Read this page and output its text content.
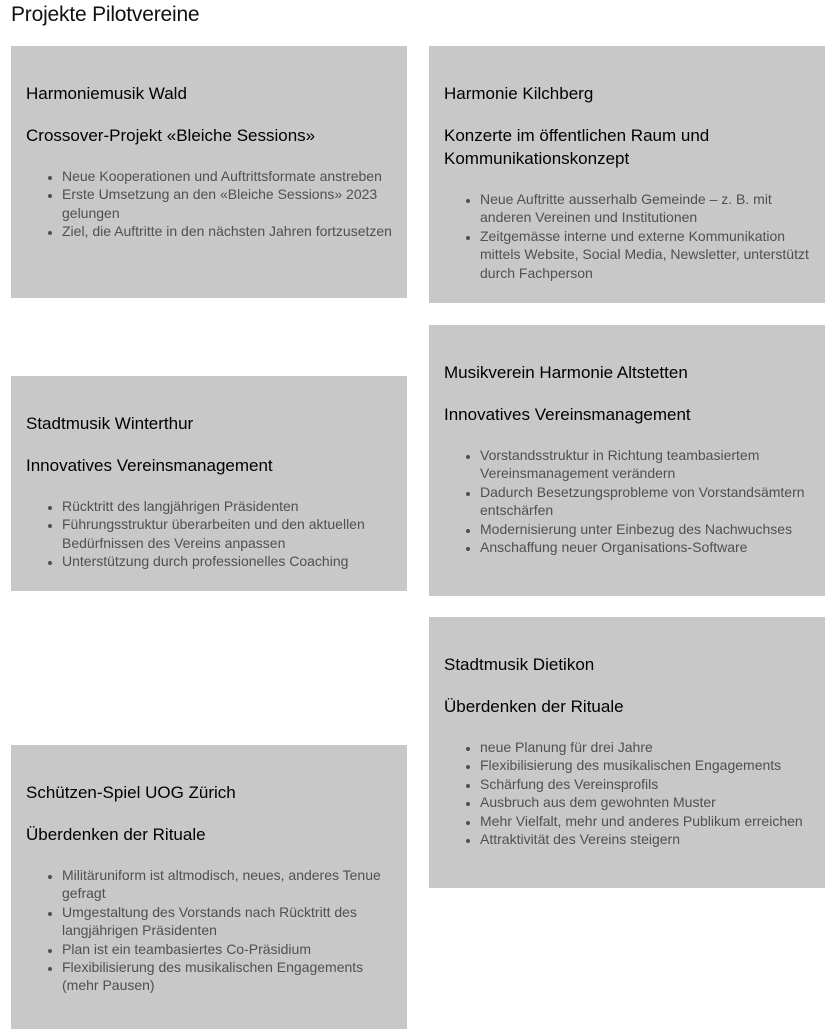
Projekte Pilotvereine
Harmoniemusik Wald
Crossover-Projekt «Bleiche Sessions»
• Neue Kooperationen und Auftrittsformate anstreben
• Erste Umsetzung an den «Bleiche Sessions» 2023 gelungen
• Ziel, die Auftritte in den nächsten Jahren fortzusetzen
Harmonie Kilchberg
Konzerte im öffentlichen Raum und Kommunikationskonzept
• Neue Auftritte ausserhalb Gemeinde – z. B. mit anderen Vereinen und Institutionen
• Zeitgemässe interne und externe Kommunikation mittels Website, Social Media, Newsletter, unterstützt durch Fachperson
Musikverein Harmonie Altstetten
Innovatives Vereinsmanagement
• Vorstandsstruktur in Richtung teambasiertem Vereinsmanagement verändern
• Dadurch Besetzungsprobleme von Vorstandsämtern entschärfen
• Modernisierung unter Einbezug des Nachwuchses
• Anschaffung neuer Organisations-Software
Stadtmusik Winterthur
Innovatives Vereinsmanagement
• Rücktritt des langjährigen Präsidenten
• Führungsstruktur überarbeiten und den aktuellen Bedürfnissen des Vereins anpassen
• Unterstützung durch professionelles Coaching
Stadtmusik Dietikon
Überdenken der Rituale
• neue Planung für drei Jahre
• Flexibilisierung des musikalischen Engagements
• Schärfung des Vereinsprofils
• Ausbruch aus dem gewohnten Muster
• Mehr Vielfalt, mehr und anderes Publikum erreichen
• Attraktivität des Vereins steigern
Schützen-Spiel UOG Zürich
Überdenken der Rituale
• Militäruniform ist altmodisch, neues, anderes Tenue gefragt
• Umgestaltung des Vorstands nach Rücktritt des langjährigen Präsidenten
• Plan ist ein teambasiertes Co-Präsidium
• Flexibilisierung des musikalischen Engagements (mehr Pausen)
